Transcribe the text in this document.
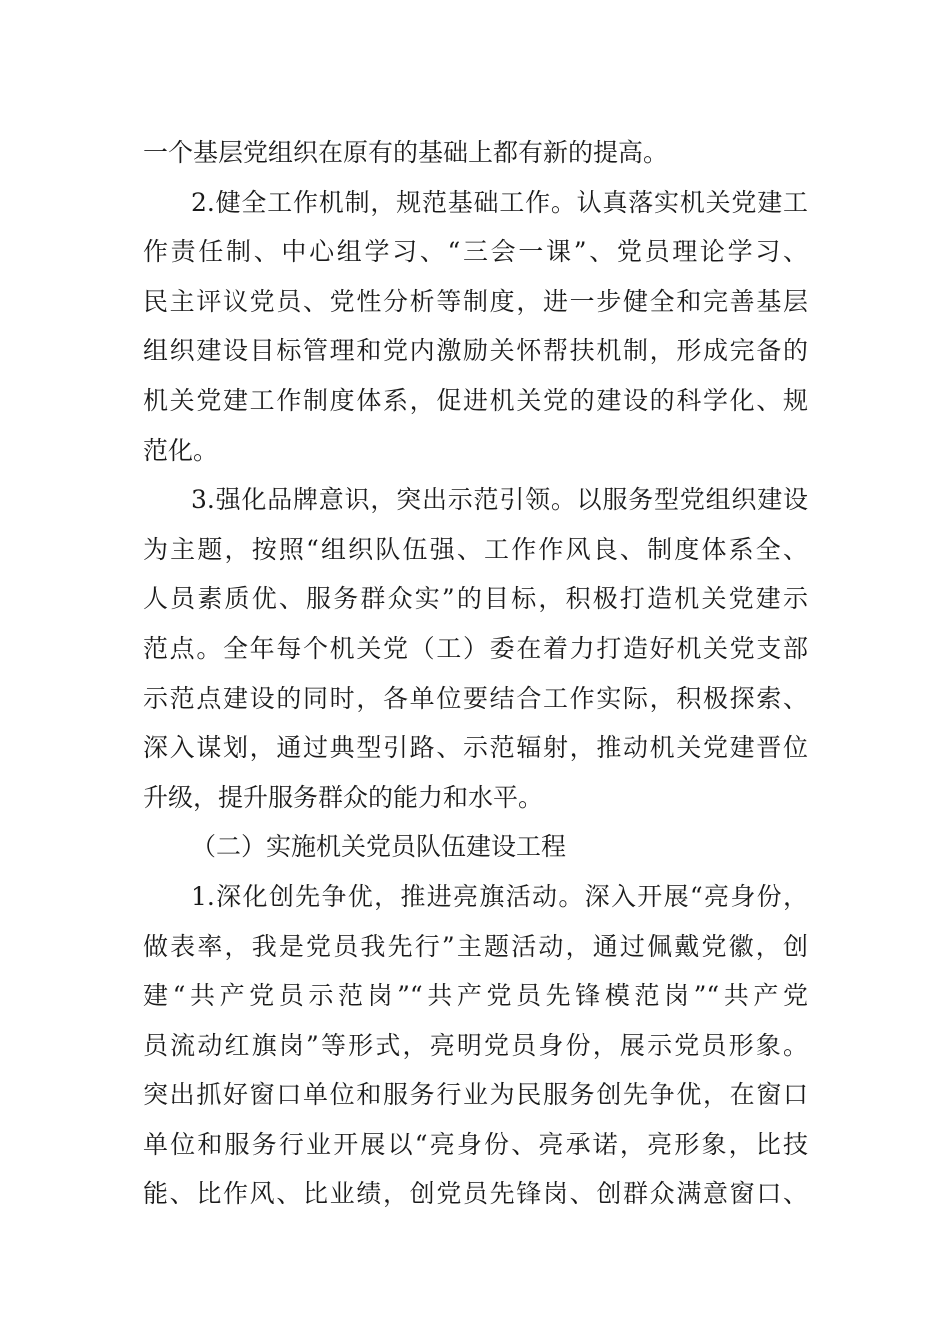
一个基层党组织在原有的基础上都有新的提高。
2.健全工作机制，规范基础工作。认真落实机关党建工
作责任制、中心组学习、“三会一课”、党员理论学习、
民主评议党员、党性分析等制度，进一步健全和完善基层
组织建设目标管理和党内激励关怀帮扶机制，形成完备的
机关党建工作制度体系，促进机关党的建设的科学化、规
范化。
3.强化品牌意识，突出示范引领。以服务型党组织建设
为主题，按照“组织队伍强、工作作风良、制度体系全、
人员素质优、服务群众实”的目标，积极打造机关党建示
范点。全年每个机关党（工）委在着力打造好机关党支部
示范点建设的同时，各单位要结合工作实际，积极探索、
深入谋划，通过典型引路、示范辐射，推动机关党建晋位
升级，提升服务群众的能力和水平。
（二）实施机关党员队伍建设工程
1.深化创先争优，推进亮旗活动。深入开展“亮身份，
做表率，我是党员我先行”主题活动，通过佩戴党徽，创
建“共产党员示范岗”“共产党员先锋模范岗”“共产党
员流动红旗岗”等形式，亮明党员身份，展示党员形象。
突出抓好窗口单位和服务行业为民服务创先争优，在窗口
单位和服务行业开展以“亮身份、亮承诺，亮形象，比技
能、比作风、比业绩，创党员先锋岗、创群众满意窗口、
